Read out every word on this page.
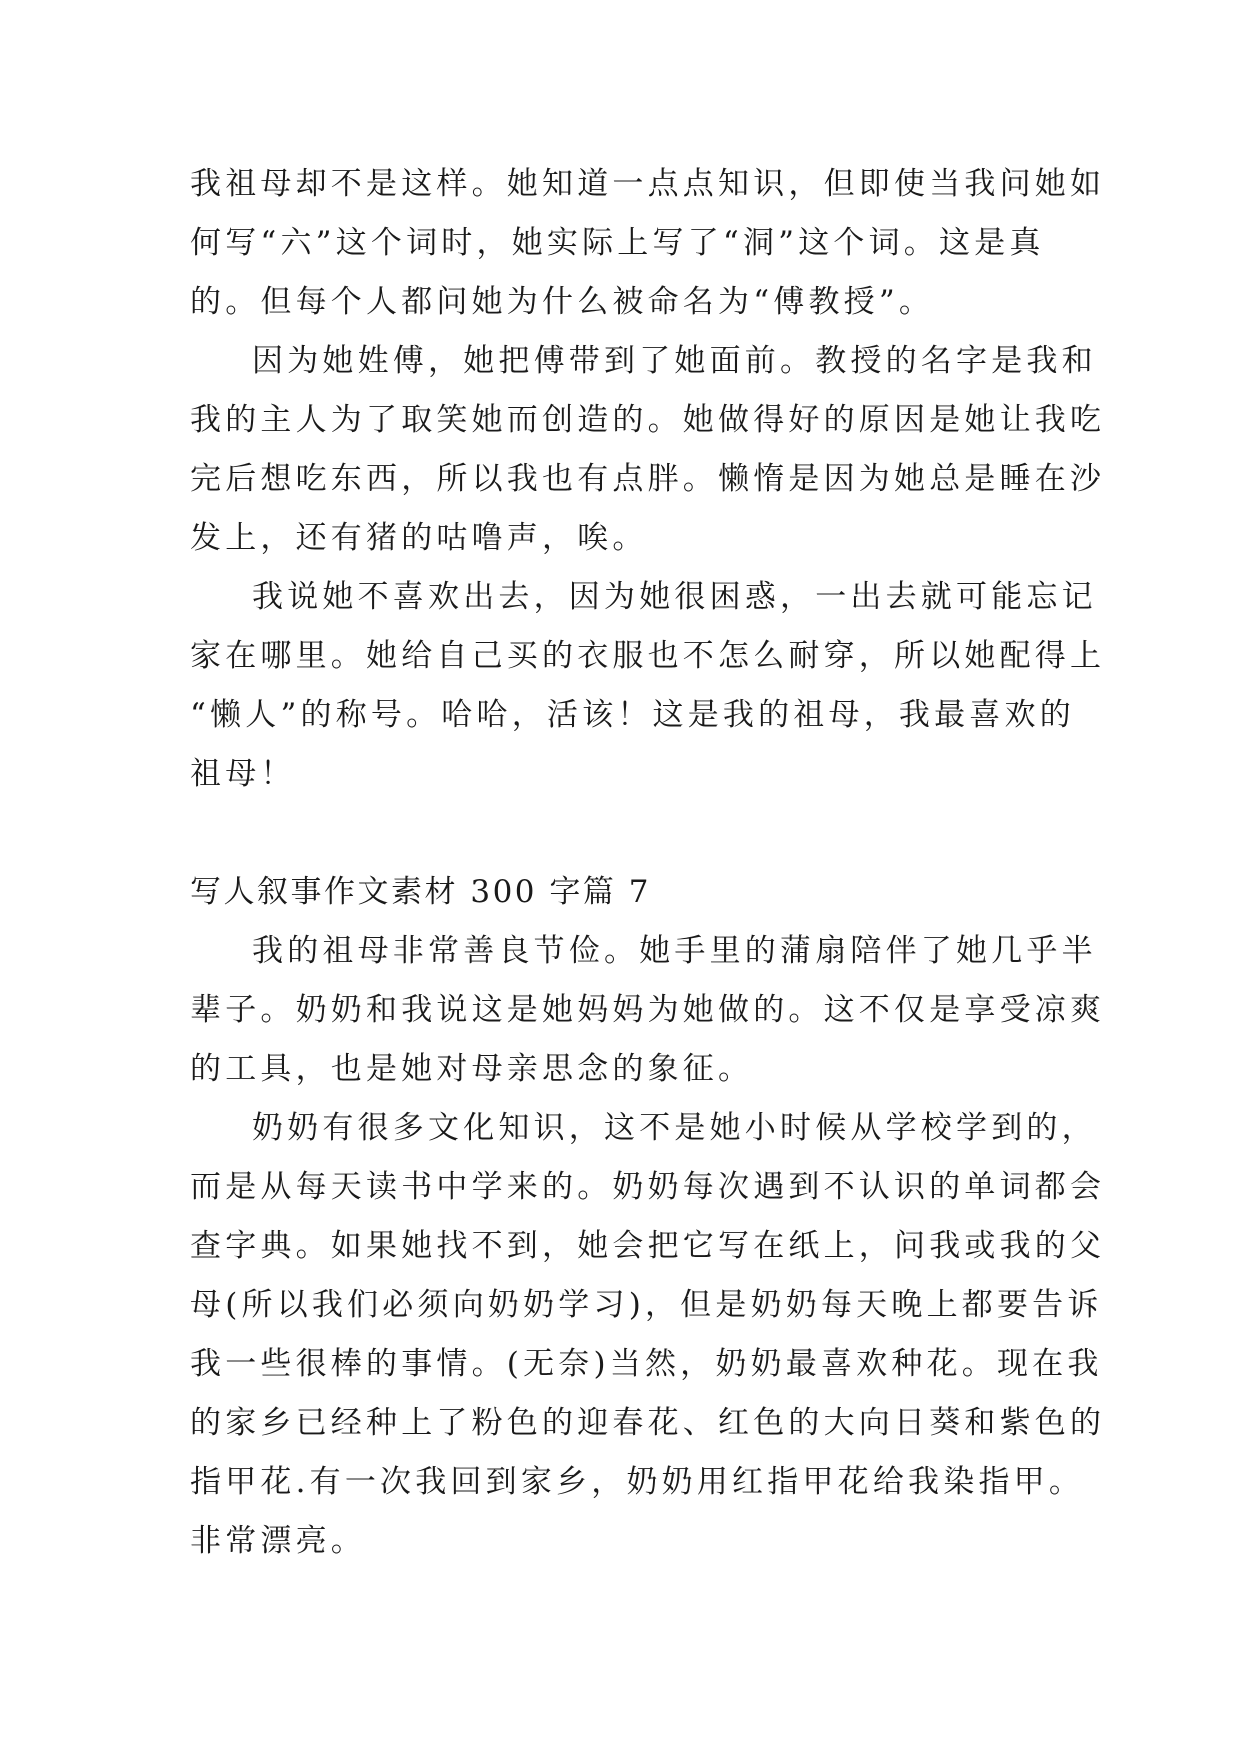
我祖母却不是这样。她知道一点点知识，但即使当我问她如
何写“六”这个词时，她实际上写了“洞”这个词。这是真
的。但每个人都问她为什么被命名为“傅教授”。
因为她姓傅，她把傅带到了她面前。教授的名字是我和
我的主人为了取笑她而创造的。她做得好的原因是她让我吃
完后想吃东西，所以我也有点胖。懒惰是因为她总是睡在沙
发上，还有猪的咕噜声，唉。
我说她不喜欢出去，因为她很困惑，一出去就可能忘记
家在哪里。她给自己买的衣服也不怎么耐穿，所以她配得上
“懒人”的称号。哈哈，活该！这是我的祖母，我最喜欢的
祖母！
写人叙事作文素材 300 字篇 7
我的祖母非常善良节俭。她手里的蒲扇陪伴了她几乎半
辈子。奶奶和我说这是她妈妈为她做的。这不仅是享受凉爽
的工具，也是她对母亲思念的象征。
奶奶有很多文化知识，这不是她小时候从学校学到的，
而是从每天读书中学来的。奶奶每次遇到不认识的单词都会
查字典。如果她找不到，她会把它写在纸上，问我或我的父
母(所以我们必须向奶奶学习)，但是奶奶每天晚上都要告诉
我一些很棒的事情。(无奈)当然，奶奶最喜欢种花。现在我
的家乡已经种上了粉色的迎春花、红色的大向日葵和紫色的
指甲花.有一次我回到家乡，奶奶用红指甲花给我染指甲。
非常漂亮。
